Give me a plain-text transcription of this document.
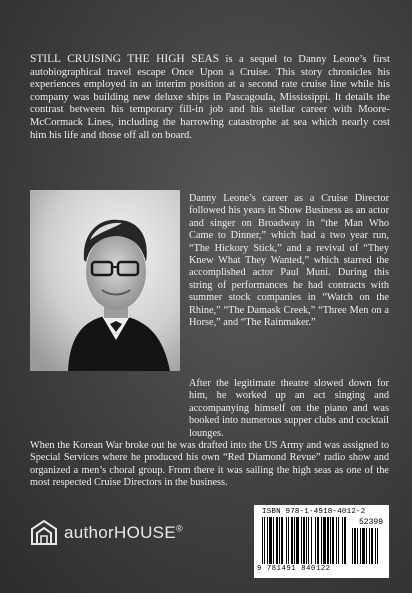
STILL CRUISING THE HIGH SEAS is a sequel to Danny Leone’s first autobiographical travel escape Once Upon a Cruise. This story chronicles his experiences employed in an interim position at a second rate cruise line while his company was building new deluxe ships in Pascagoula, Mississippi. It details the contrast between his temporary fill-in job and his stellar career with Moore-McCormack Lines, including the harrowing catastrophe at sea which nearly cost him his life and those off all on board.
Danny Leone’s career as a Cruise Director followed his years in Show Business as an actor and singer on Broadway in “the Man Who Came to Dinner,” which had a two year run, “The Hickory Stick,” and a revival of “They Knew What They Wanted,” which starred the accomplished actor Paul Muni. During this string of performances he had contracts with summer stock companies in “Watch on the Rhine,” “The Damask Creek,” “Three Men on a Horse,” and “The Rainmaker.”

After the legitimate theatre slowed down for him, he worked up an act singing and accompanying himself on the piano and was booked into numerous supper clubs and cocktail lounges.

When the Korean War broke out he was drafted into the US Army and was assigned to Special Services where he produced his own “Red Diamond Revue” radio show and organized a men’s choral group. From there it was sailing the high seas as one of the most respected Cruise Directors in the business.

authorHOUSE®
ISBN 978-1-4918-4012-2
52399
9 781491 840122
